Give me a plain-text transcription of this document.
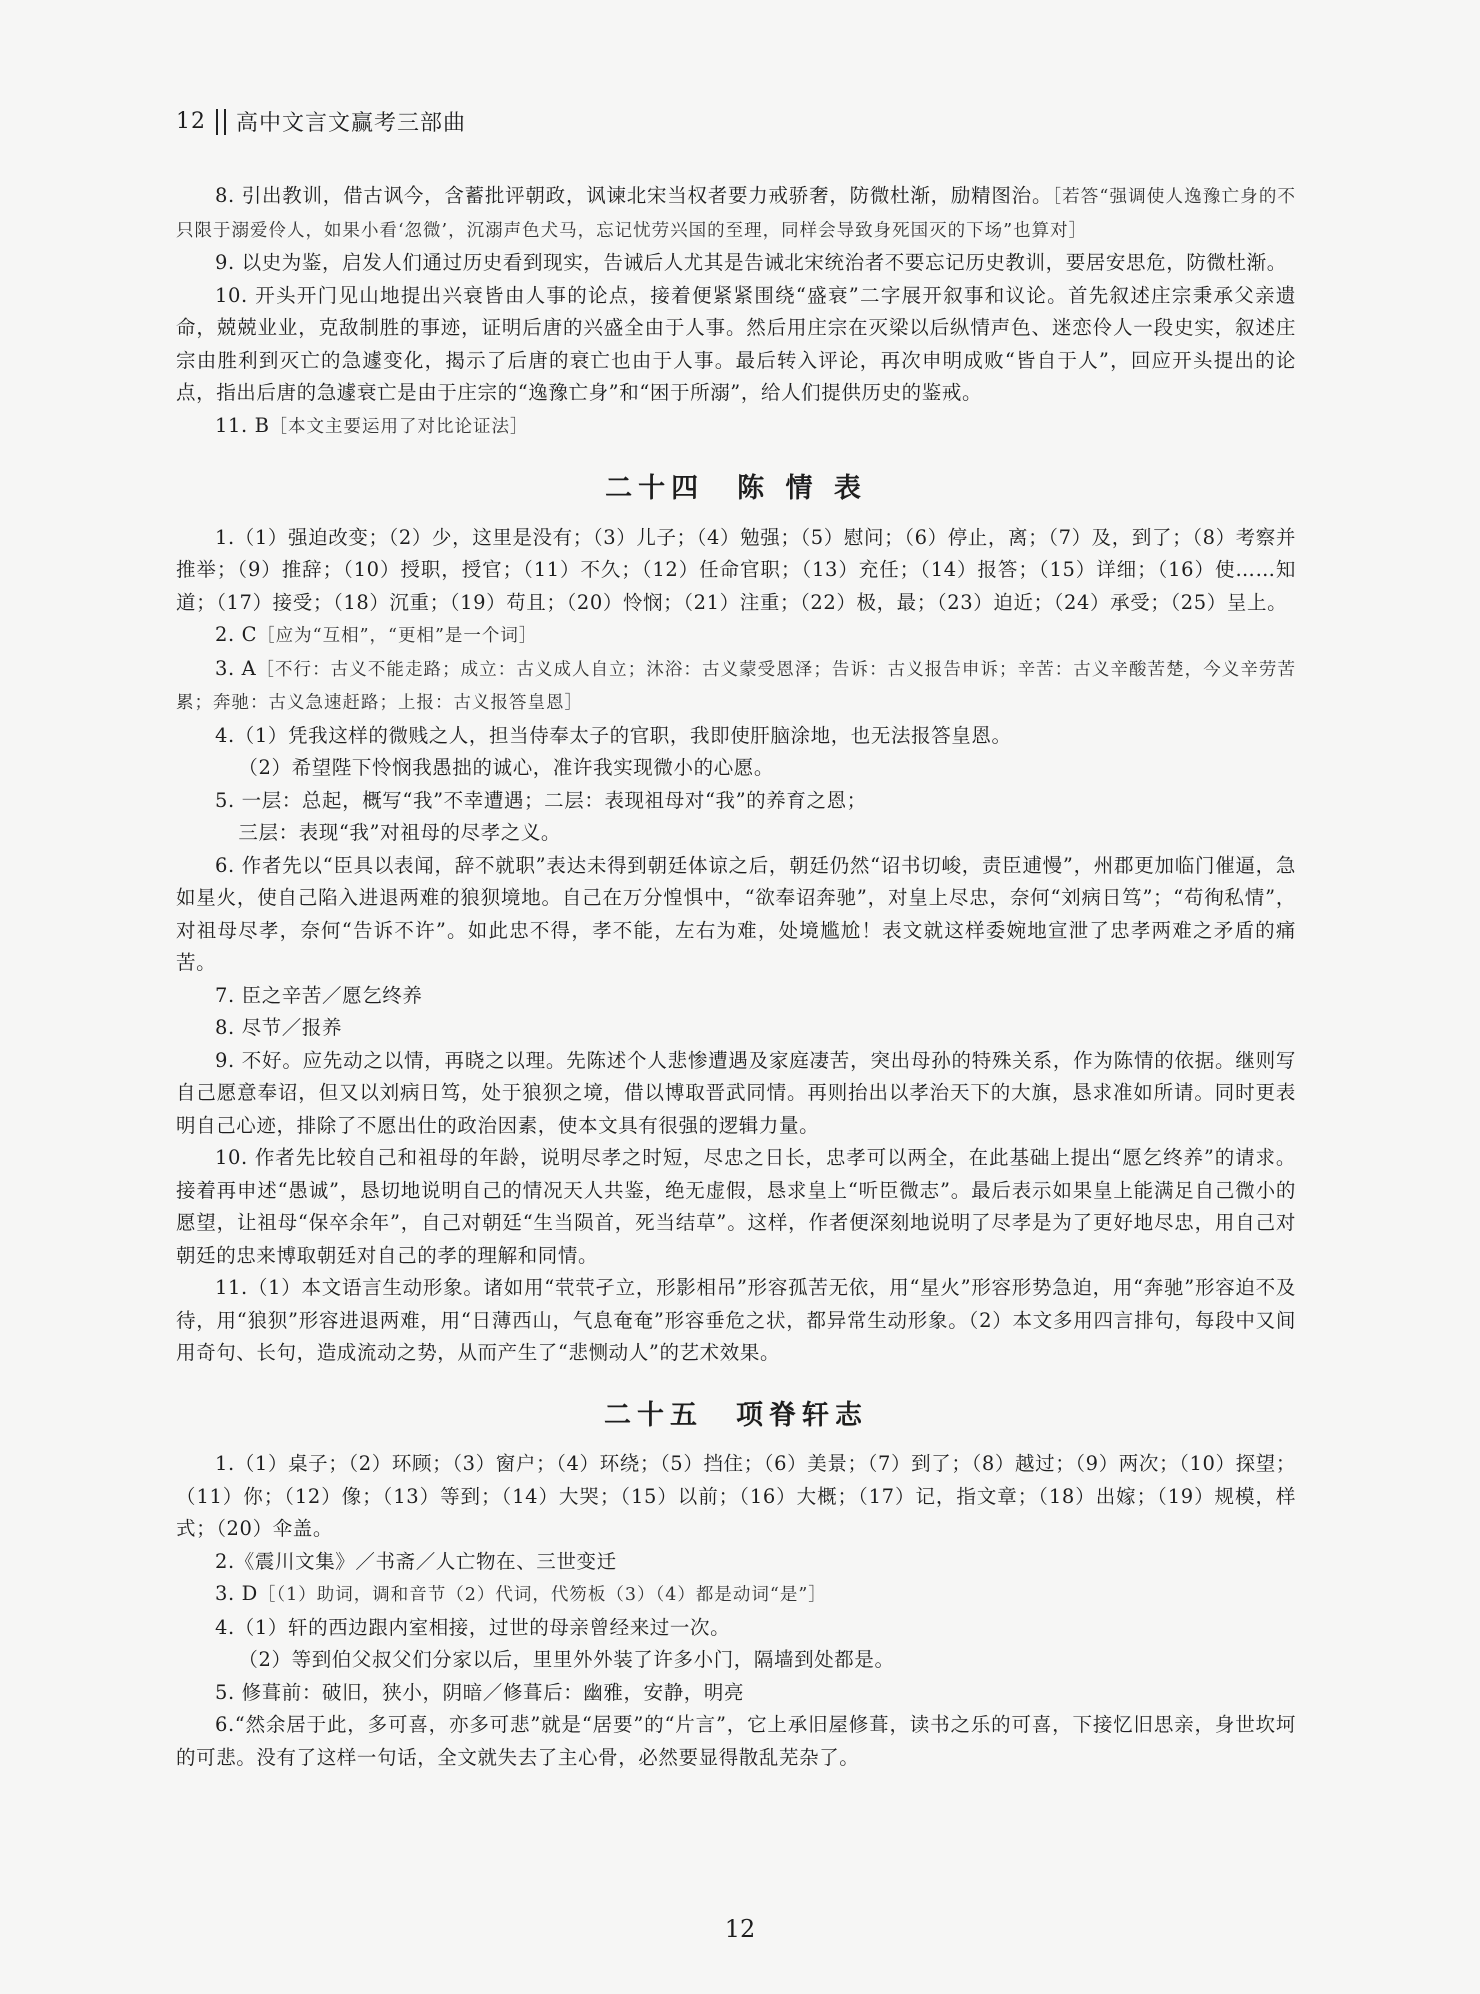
12 高中文言文赢考三部曲

8. 引出教训，借古讽今，含蓄批评朝政，讽谏北宋当权者要力戒骄奢，防微杜渐，励精图治。［若答“强调使人逸豫亡身的不只限于溺爱伶人，如果小看‘忽微’，沉溺声色犬马，忘记忧劳兴国的至理，同样会导致身死国灭的下场”也算对］

9. 以史为鉴，启发人们通过历史看到现实，告诫后人尤其是告诫北宋统治者不要忘记历史教训，要居安思危，防微杜渐。

10. 开头开门见山地提出兴衰皆由人事的论点，接着便紧紧围绕“盛衰”二字展开叙事和议论。首先叙述庄宗秉承父亲遗命，兢兢业业，克敌制胜的事迹，证明后唐的兴盛全由于人事。然后用庄宗在灭梁以后纵情声色、迷恋伶人一段史实，叙述庄宗由胜利到灭亡的急遽变化，揭示了后唐的衰亡也由于人事。最后转入评论，再次申明成败“皆自于人”，回应开头提出的论点，指出后唐的急遽衰亡是由于庄宗的“逸豫亡身”和“困于所溺”，给人们提供历史的鉴戒。

11. B［本文主要运用了对比论证法］

二十四　陈 情 表

1.（1）强迫改变；（2）少，这里是没有；（3）儿子；（4）勉强；（5）慰问；（6）停止，离；（7）及，到了；（8）考察并推举；（9）推辞；（10）授职，授官；（11）不久；（12）任命官职；（13）充任；（14）报答；（15）详细；（16）使……知道；（17）接受；（18）沉重；（19）苟且；（20）怜悯；（21）注重；（22）极，最；（23）迫近；（24）承受；（25）呈上。

2. C［应为“互相”，“更相”是一个词］

3. A［不行：古义不能走路；成立：古义成人自立；沐浴：古义蒙受恩泽；告诉：古义报告申诉；辛苦：古义辛酸苦楚，今义辛劳苦累；奔驰：古义急速赶路；上报：古义报答皇恩］

4.（1）凭我这样的微贱之人，担当侍奉太子的官职，我即使肝脑涂地，也无法报答皇恩。

（2）希望陛下怜悯我愚拙的诚心，准许我实现微小的心愿。

5. 一层：总起，概写“我”不幸遭遇；二层：表现祖母对“我”的养育之恩；

三层：表现“我”对祖母的尽孝之义。

6. 作者先以“臣具以表闻，辞不就职”表达未得到朝廷体谅之后，朝廷仍然“诏书切峻，责臣逋慢”，州郡更加临门催逼，急如星火，使自己陷入进退两难的狼狈境地。自己在万分惶惧中，“欲奉诏奔驰”，对皇上尽忠，奈何“刘病日笃”；“苟徇私情”，对祖母尽孝，奈何“告诉不许”。如此忠不得，孝不能，左右为难，处境尴尬！表文就这样委婉地宣泄了忠孝两难之矛盾的痛苦。

7. 臣之辛苦／愿乞终养

8. 尽节／报养

9. 不好。应先动之以情，再晓之以理。先陈述个人悲惨遭遇及家庭凄苦，突出母孙的特殊关系，作为陈情的依据。继则写自己愿意奉诏，但又以刘病日笃，处于狼狈之境，借以博取晋武同情。再则抬出以孝治天下的大旗，恳求准如所请。同时更表明自己心迹，排除了不愿出仕的政治因素，使本文具有很强的逻辑力量。

10. 作者先比较自己和祖母的年龄，说明尽孝之时短，尽忠之日长，忠孝可以两全，在此基础上提出“愿乞终养”的请求。接着再申述“愚诚”，恳切地说明自己的情况天人共鉴，绝无虚假，恳求皇上“听臣微志”。最后表示如果皇上能满足自己微小的愿望，让祖母“保卒余年”，自己对朝廷“生当陨首，死当结草”。这样，作者便深刻地说明了尽孝是为了更好地尽忠，用自己对朝廷的忠来博取朝廷对自己的孝的理解和同情。

11.（1）本文语言生动形象。诸如用“茕茕孑立，形影相吊”形容孤苦无依，用“星火”形容形势急迫，用“奔驰”形容迫不及待，用“狼狈”形容进退两难，用“日薄西山，气息奄奄”形容垂危之状，都异常生动形象。（2）本文多用四言排句，每段中又间用奇句、长句，造成流动之势，从而产生了“悲恻动人”的艺术效果。

二十五　项脊轩志

1.（1）桌子；（2）环顾；（3）窗户；（4）环绕；（5）挡住；（6）美景；（7）到了；（8）越过；（9）两次；（10）探望；（11）你；（12）像；（13）等到；（14）大哭；（15）以前；（16）大概；（17）记，指文章；（18）出嫁；（19）规模，样式；（20）伞盖。

2.《震川文集》／书斋／人亡物在、三世变迁

3. D［（1）助词，调和音节（2）代词，代笏板（3）（4）都是动词“是”］

4.（1）轩的西边跟内室相接，过世的母亲曾经来过一次。

（2）等到伯父叔父们分家以后，里里外外装了许多小门，隔墙到处都是。

5. 修葺前：破旧，狭小，阴暗／修葺后：幽雅，安静，明亮

6.“然余居于此，多可喜，亦多可悲”就是“居要”的“片言”，它上承旧屋修葺，读书之乐的可喜，下接忆旧思亲，身世坎坷的可悲。没有了这样一句话，全文就失去了主心骨，必然要显得散乱芜杂了。

12
